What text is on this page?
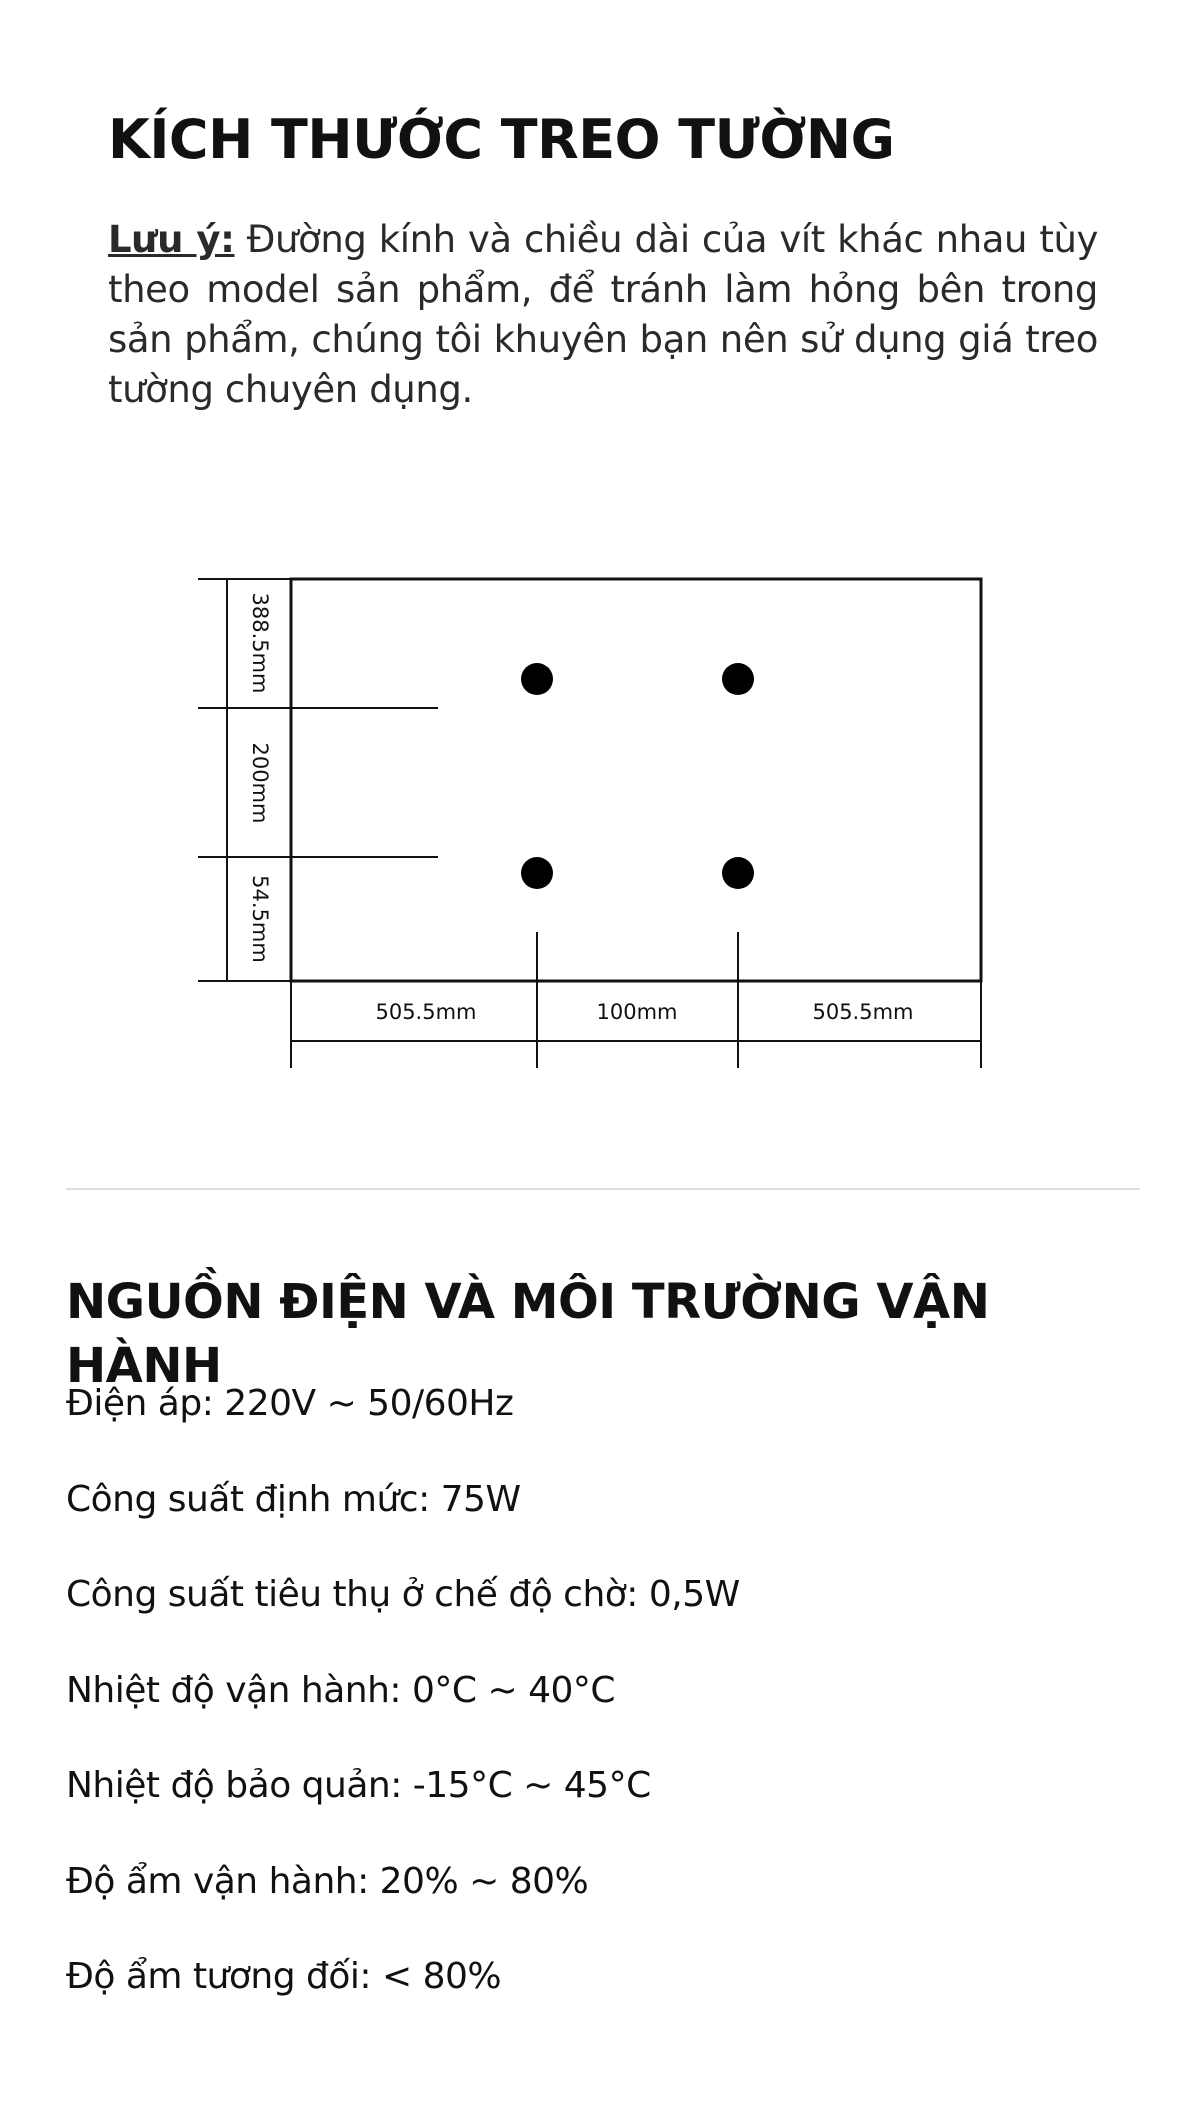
KÍCH THƯỚC TREO TƯỜNG

Lưu ý: Đường kính và chiều dài của vít khác nhau tùy theo model sản phẩm, để tránh làm hỏng bên trong sản phẩm, chúng tôi khuyên bạn nên sử dụng giá treo tường chuyên dụng.

388.5mm
200mm
54.5mm
505.5mm	100mm	505.5mm
NGUỒN ĐIỆN VÀ MÔI TRƯỜNG VẬN HÀNH
Điện áp: 220V ~ 50/60Hz
Công suất định mức: 75W
Công suất tiêu thụ ở chế độ chờ: 0,5W
Nhiệt độ vận hành: 0°C ~ 40°C
Nhiệt độ bảo quản: -15°C ~ 45°C
Độ ẩm vận hành: 20% ~ 80%
Độ ẩm tương đối: < 80%
